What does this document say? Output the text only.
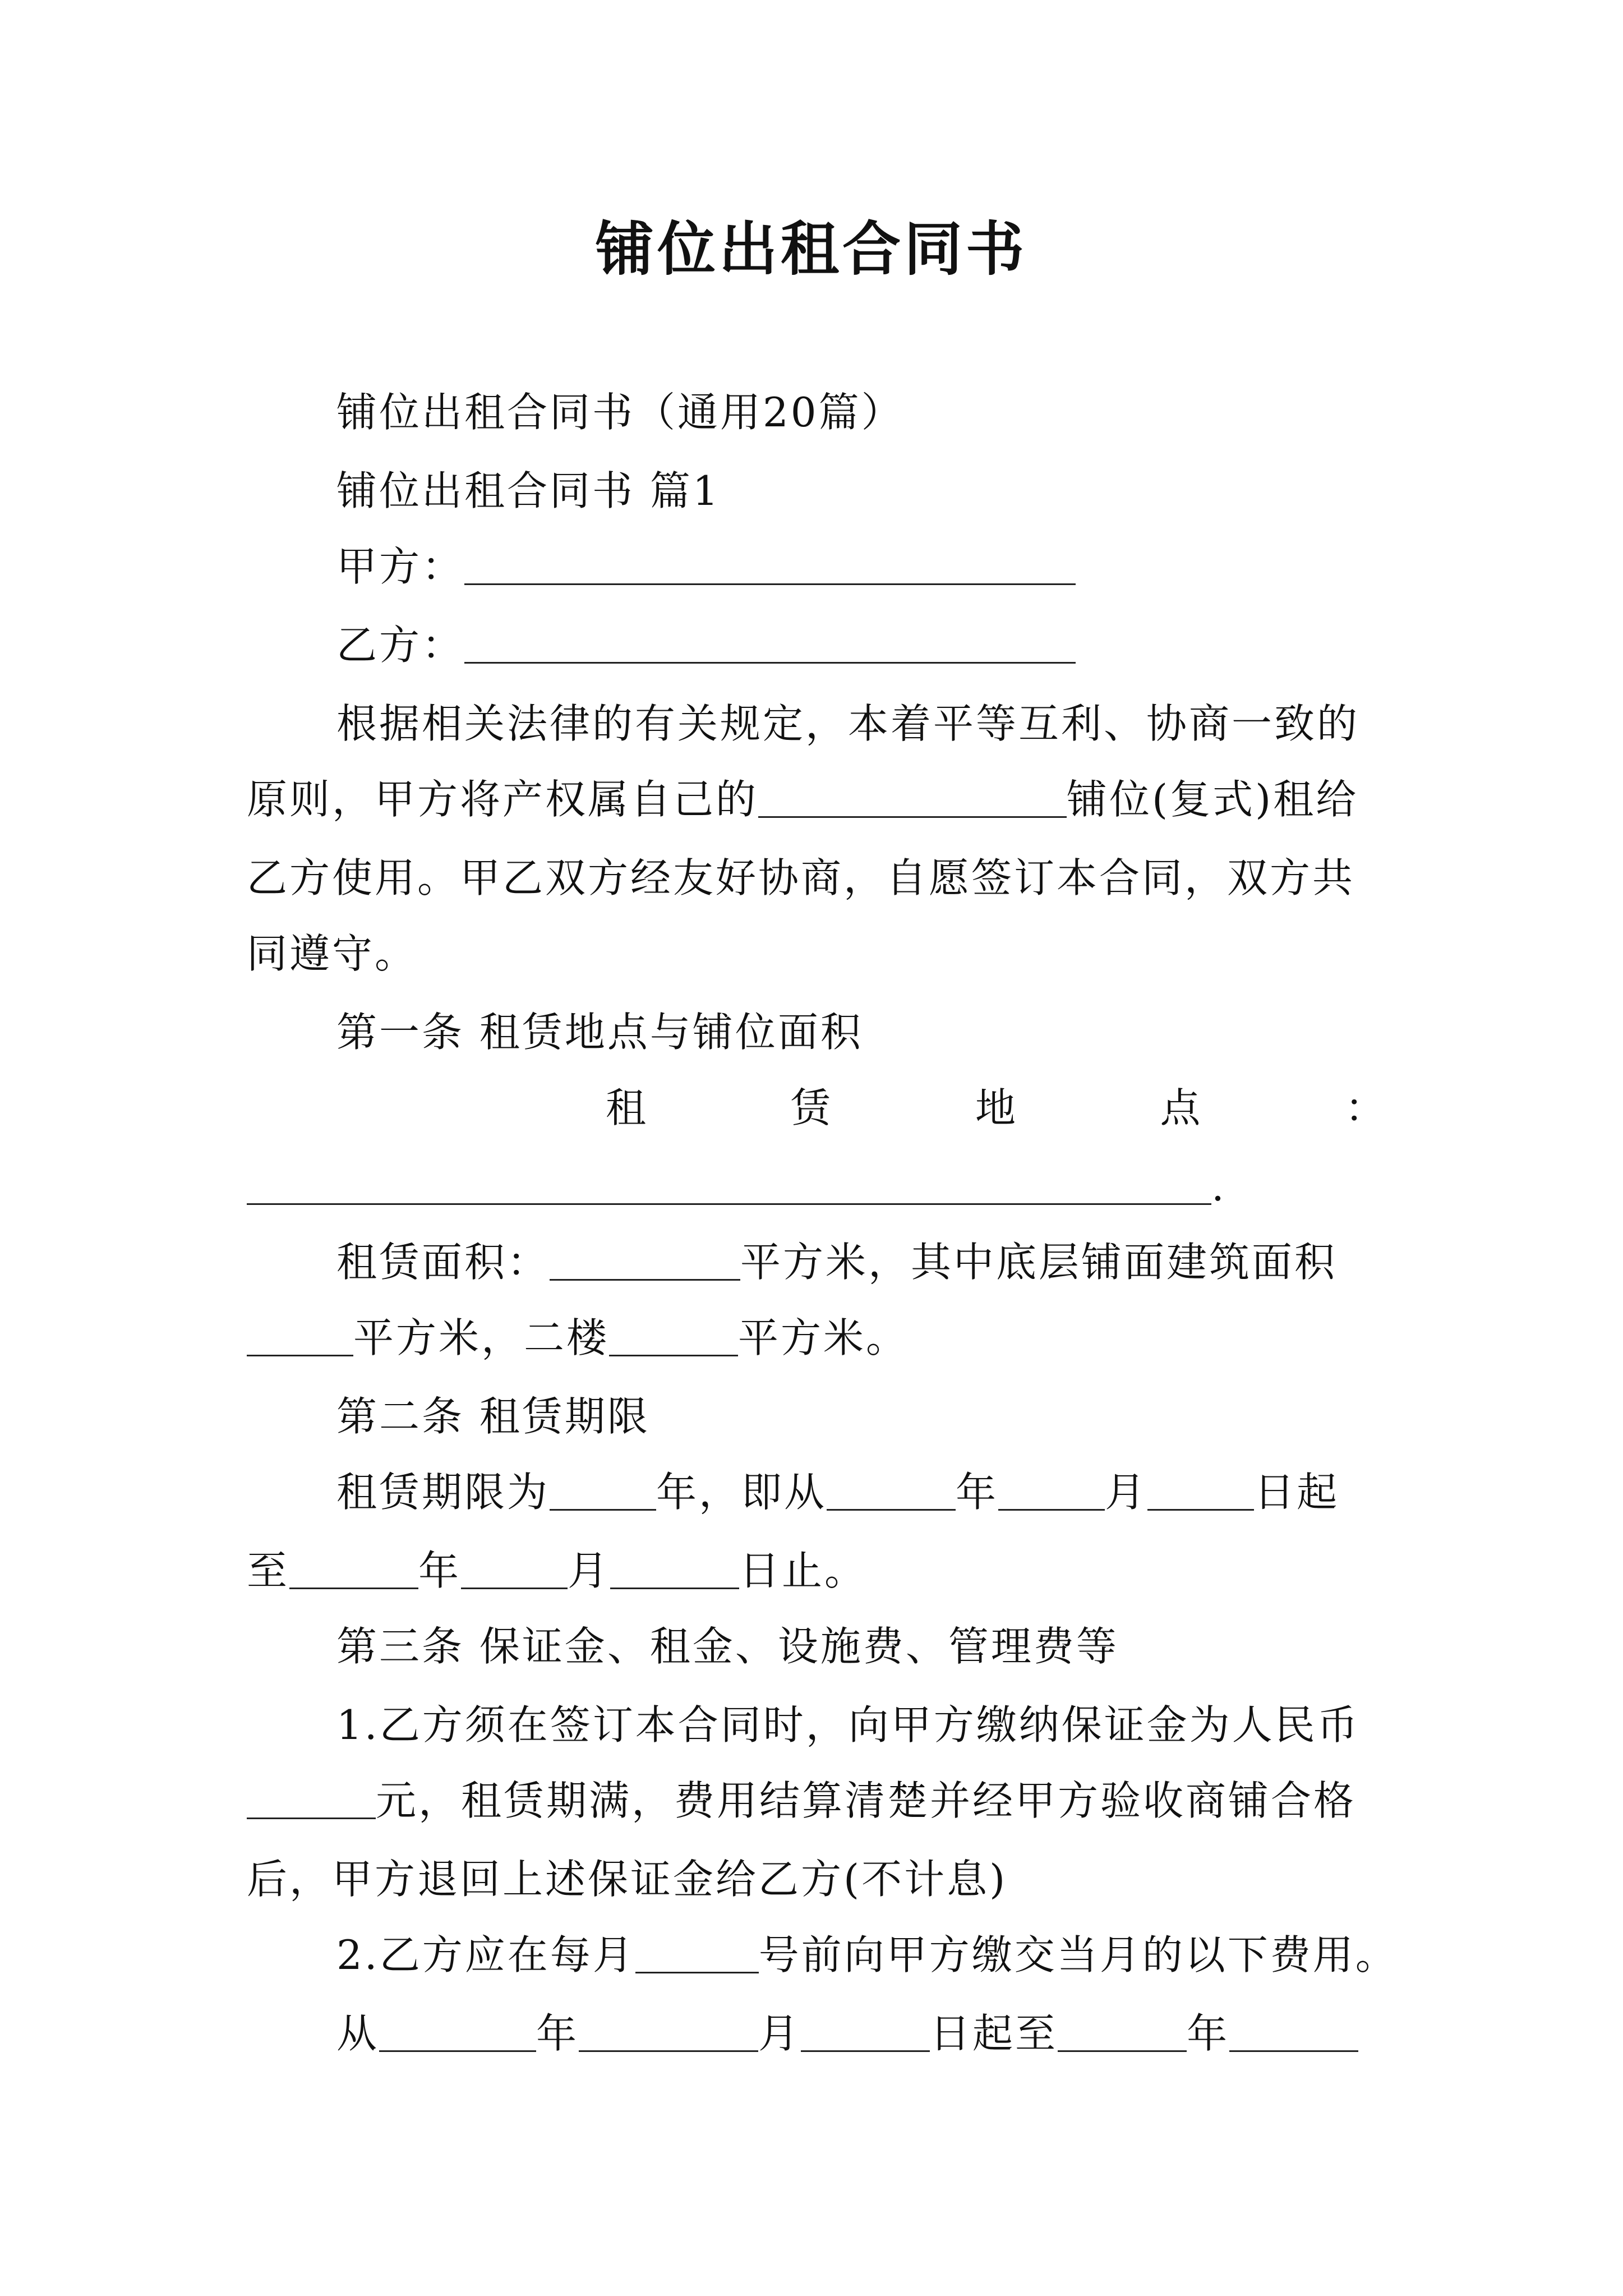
铺位出租合同书
铺位出租合同书（通用20篇）
铺位出租合同书 篇1
甲方：
乙方：
根据相关法律的有关规定，本着平等互利、协商一致的
原则，甲方将产权属自己的	铺位(复式)租给
乙方使用。甲乙双方经友好协商，自愿签订本合同，双方共
同遵守。
第一条 租赁地点与铺位面积
租	赁	地	点	：
.
租赁面积：	平方米，其中底层铺面建筑面积
平方米，二楼	平方米。
第二条 租赁期限
租赁期限为	年，即从	年	月	日起
至	年	月	日止。
第三条 保证金、租金、设施费、管理费等
1.乙方须在签订本合同时，向甲方缴纳保证金为人民币
元，租赁期满，费用结算清楚并经甲方验收商铺合格
后，甲方退回上述保证金给乙方(不计息)
2.乙方应在每月	号前向甲方缴交当月的以下费用。
从	年	月	日起至	年
